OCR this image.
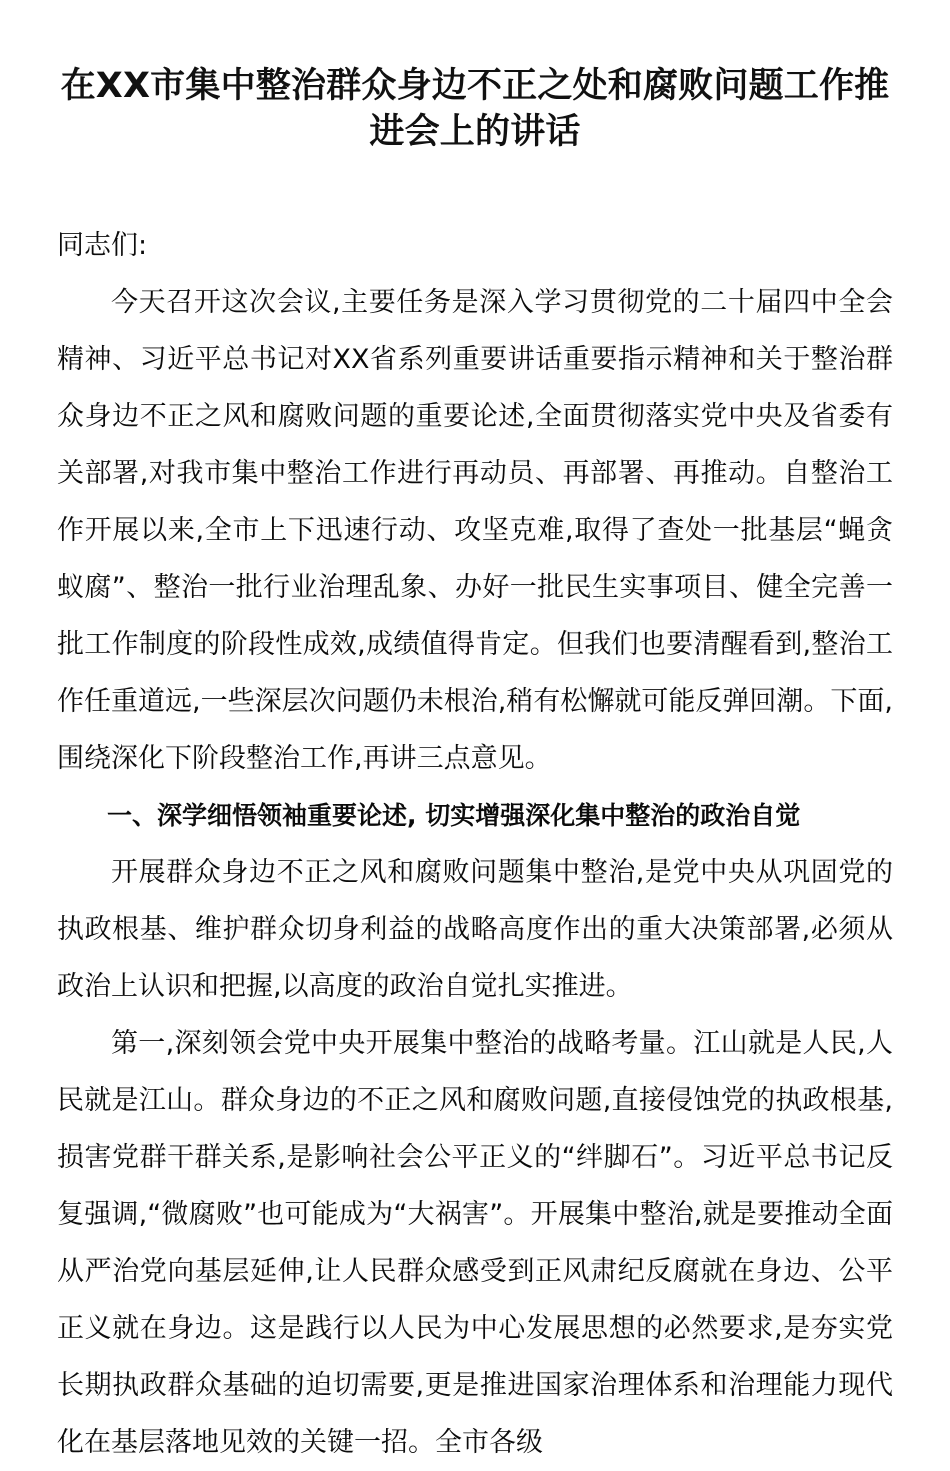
在XX市集中整治群众身边不正之处和腐败问题工作推进会上的讲话

同志们:

今天召开这次会议,主要任务是深入学习贯彻党的二十届四中全会精神、习近平总书记对XX省系列重要讲话重要指示精神和关于整治群众身边不正之风和腐败问题的重要论述,全面贯彻落实党中央及省委有关部署,对我市集中整治工作进行再动员、再部署、再推动。自整治工作开展以来,全市上下迅速行动、攻坚克难,取得了查处一批基层“蝇贪蚁腐”、整治一批行业治理乱象、办好一批民生实事项目、健全完善一批工作制度的阶段性成效,成绩值得肯定。但我们也要清醒看到,整治工作任重道远,一些深层次问题仍未根治,稍有松懈就可能反弹回潮。下面,围绕深化下阶段整治工作,再讲三点意见。

一、深学细悟领袖重要论述, 切实增强深化集中整治的政治自觉

开展群众身边不正之风和腐败问题集中整治,是党中央从巩固党的执政根基、维护群众切身利益的战略高度作出的重大决策部署,必须从政治上认识和把握,以高度的政治自觉扎实推进。

第一,深刻领会党中央开展集中整治的战略考量。江山就是人民,人民就是江山。群众身边的不正之风和腐败问题,直接侵蚀党的执政根基,损害党群干群关系,是影响社会公平正义的“绊脚石”。习近平总书记反复强调,“微腐败”也可能成为“大祸害”。开展集中整治,就是要推动全面从严治党向基层延伸,让人民群众感受到正风肃纪反腐就在身边、公平正义就在身边。这是践行以人民为中心发展思想的必然要求,是夯实党长期执政群众基础的迫切需要,更是推进国家治理体系和治理能力现代化在基层落地见效的关键一招。全市各级
